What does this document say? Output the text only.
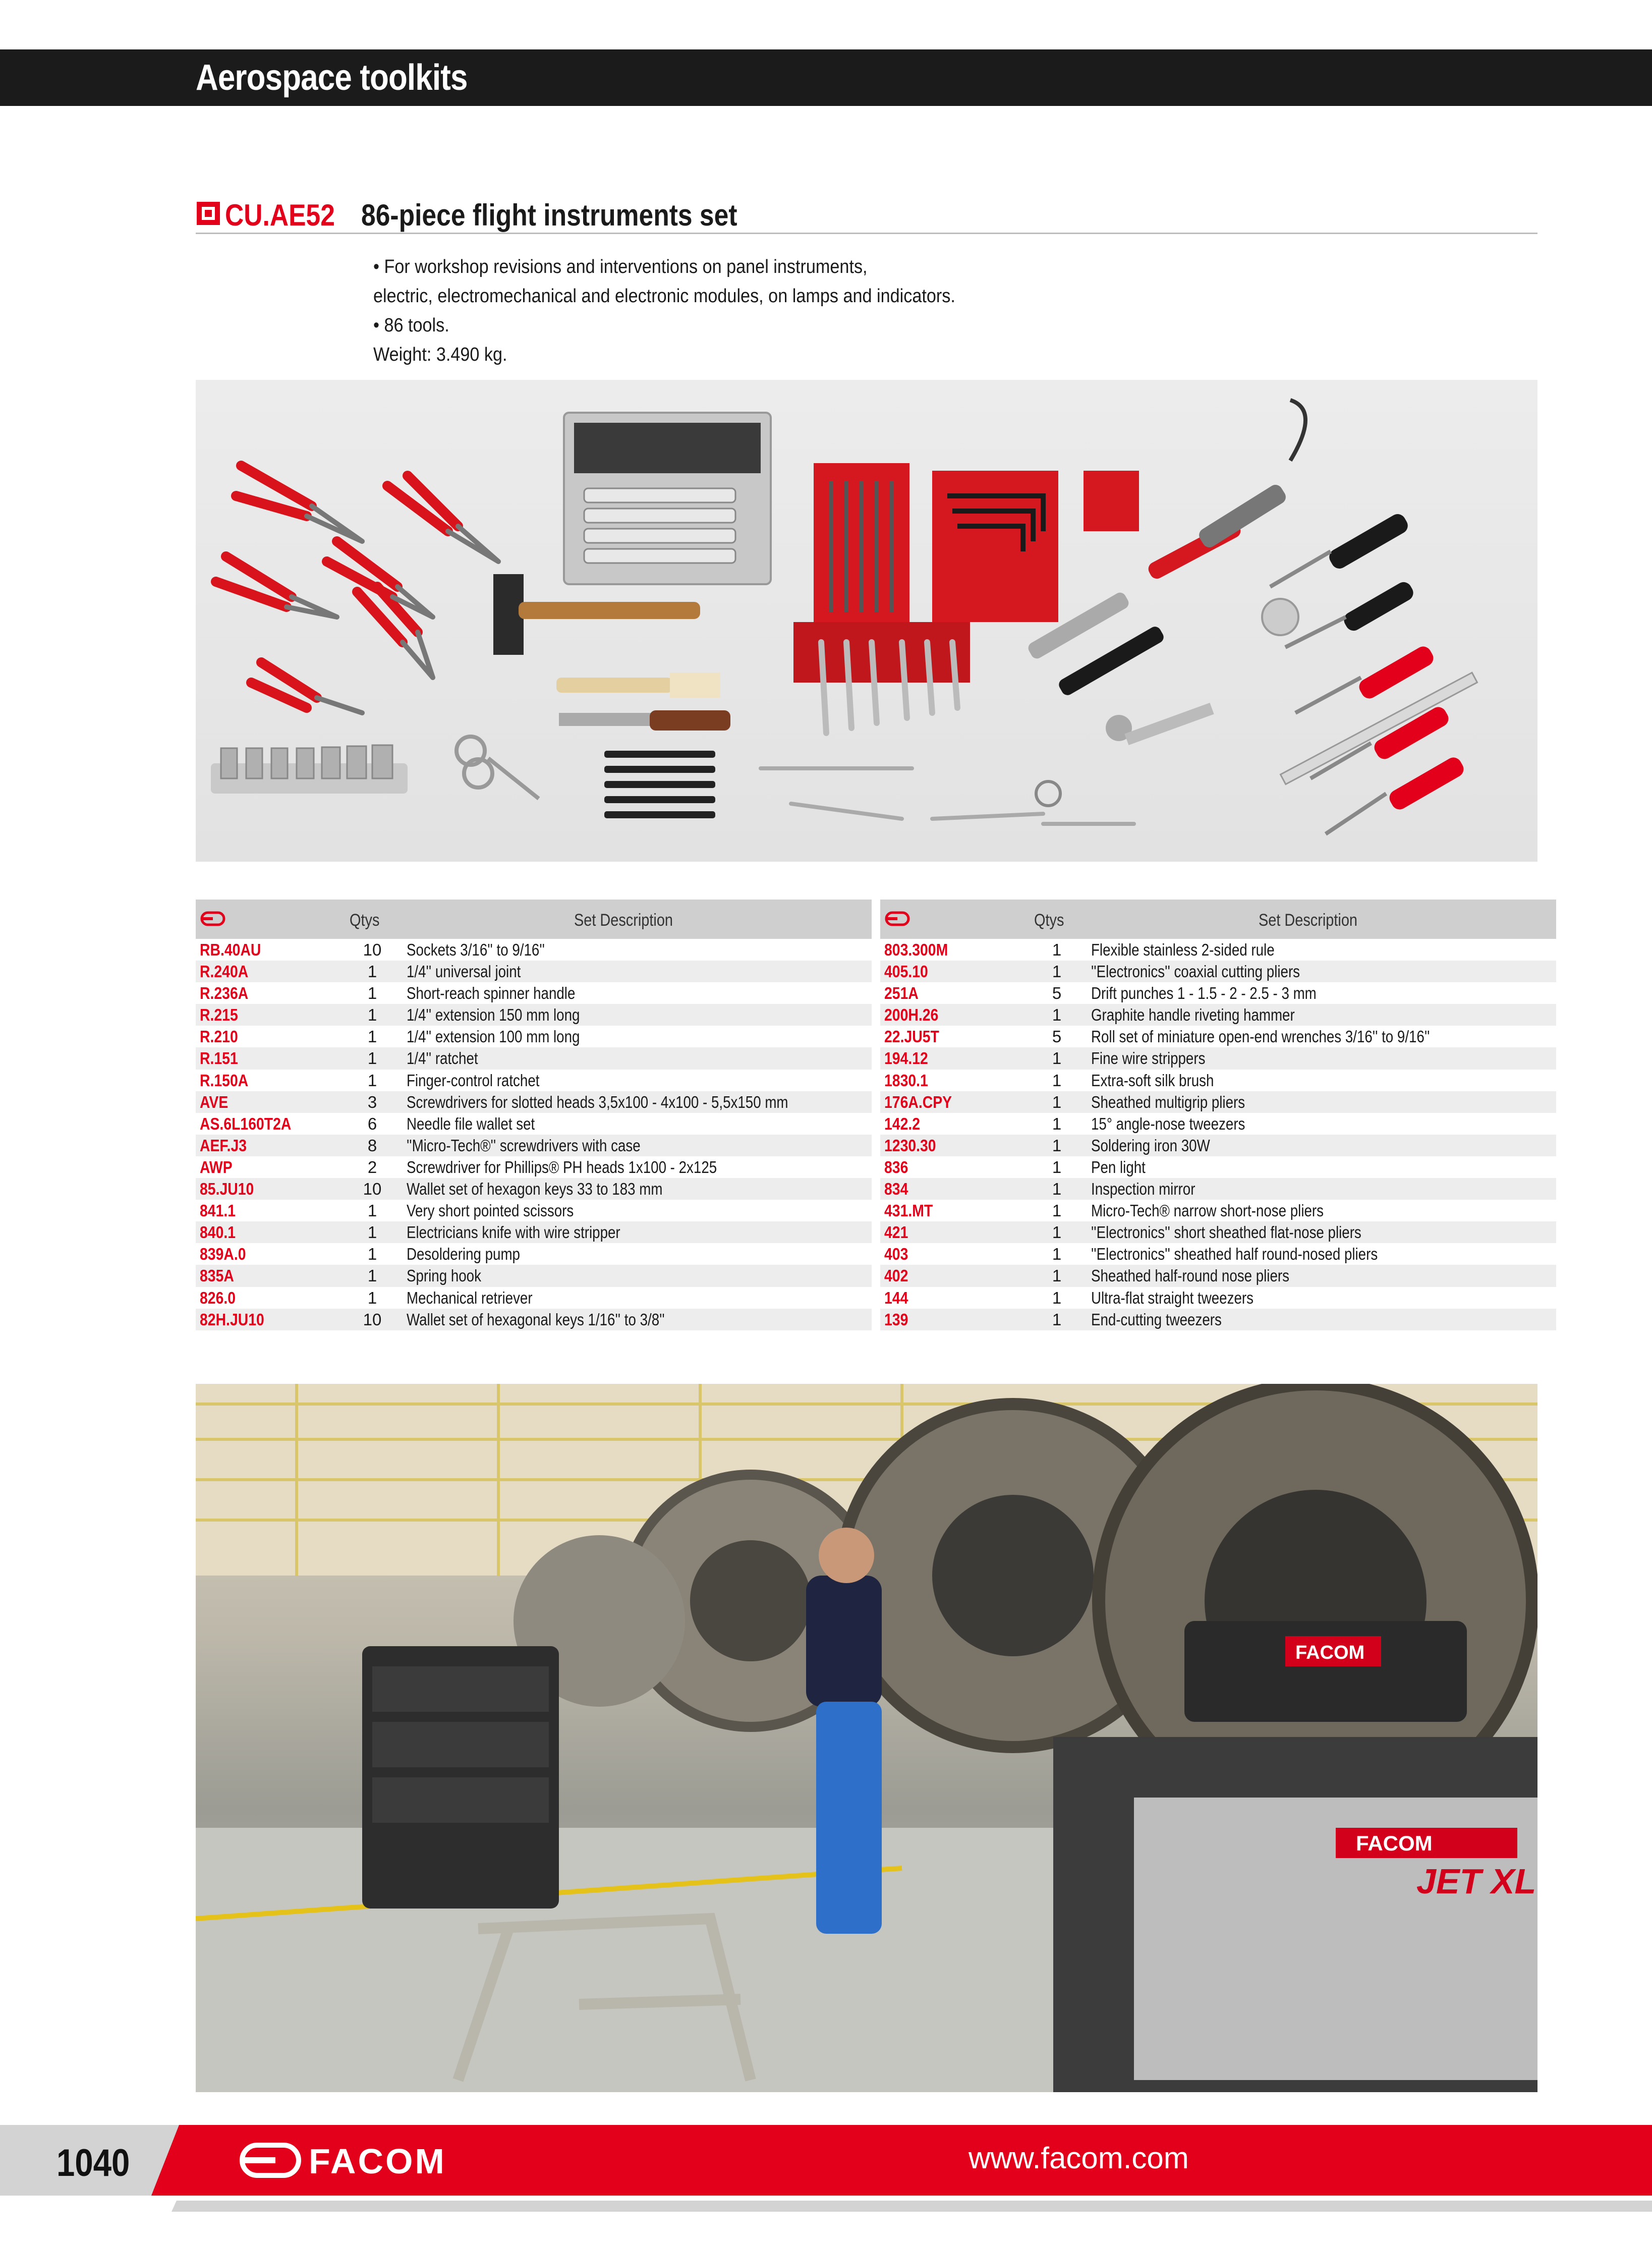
Aerospace toolkits
CU.AE52 86-piece flight instruments set
• For workshop revisions and interventions on panel instruments,
electric, electromechanical and electronic modules, on lamps and indicators.
• 86 tools.
Weight: 3.490 kg.
Qtys	Set Description
RB.40AU	10	Sockets 3/16'' to 9/16''
R.240A	1	1/4'' universal joint
R.236A	1	Short-reach spinner handle
R.215	1	1/4'' extension 150 mm long
R.210	1	1/4'' extension 100 mm long
R.151	1	1/4'' ratchet
R.150A	1	Finger-control ratchet
AVE	3	Screwdrivers for slotted heads 3,5x100 - 4x100 - 5,5x150 mm
AS.6L160T2A	6	Needle file wallet set
AEF.J3	8	''Micro-Tech®'' screwdrivers with case
AWP	2	Screwdriver for Phillips® PH heads 1x100 - 2x125
85.JU10	10	Wallet set of hexagon keys 33 to 183 mm
841.1	1	Very short pointed scissors
840.1	1	Electricians knife with wire stripper
839A.0	1	Desoldering pump
835A	1	Spring hook
826.0	1	Mechanical retriever
82H.JU10	10	Wallet set of hexagonal keys 1/16'' to 3/8''
Qtys	Set Description
803.300M	1	Flexible stainless 2-sided rule
405.10	1	''Electronics'' coaxial cutting pliers
251A	5	Drift punches 1 - 1.5 - 2 - 2.5 - 3 mm
200H.26	1	Graphite handle riveting hammer
22.JU5T	5	Roll set of miniature open-end wrenches 3/16'' to 9/16''
194.12	1	Fine wire strippers
1830.1	1	Extra-soft silk brush
176A.CPY	1	Sheathed multigrip pliers
142.2	1	15° angle-nose tweezers
1230.30	1	Soldering iron 30W
836	1	Pen light
834	1	Inspection mirror
431.MT	1	Micro-Tech® narrow short-nose pliers
421	1	''Electronics'' short sheathed flat-nose pliers
403	1	''Electronics'' sheathed half round-nosed pliers
402	1	Sheathed half-round nose pliers
144	1	Ultra-flat straight tweezers
139	1	End-cutting tweezers
FACOM
FACOM
JET XL
1040	FACOM	www.facom.com
